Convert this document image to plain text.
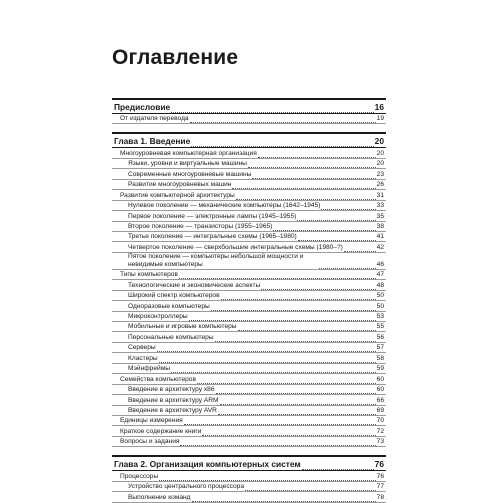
Оглавление
Предисловие	16
От издателя перевода	19
Глава 1. Введение	20
Многоуровневая компьютерная организация	20
Языки, уровни и виртуальные машины	20
Современные многоуровневые машины	23
Развитие многоуровневых машин	26
Развитие компьютерной архитектуры	31
Нулевое поколение — механические компьютеры (1642–1945)	33
Первое поколение — электронные лампы (1945–1955)	35
Второе поколение — транзисторы (1955–1965)	38
Третье поколение — интегральные схемы (1965–1980)	41
Четвертое поколение — сверхбольшие интегральные схемы (1980–?)	42
Пятое поколение — компьютеры небольшой мощности и невидимые компьютеры	46
Типы компьютеров	47
Технологические и экономические аспекты	48
Широкий спектр компьютеров	50
Одноразовые компьютеры	50
Микроконтроллеры	53
Мобильные и игровые компьютеры	55
Персональные компьютеры	56
Серверы	57
Кластеры	58
Мэйнфреймы	59
Семейства компьютеров	60
Введение в архитектуру x86	60
Введение в архитектуру ARM	66
Введение в архитектуру AVR	69
Единицы измерения	70
Краткое содержание книги	72
Вопросы и задания	73
Глава 2. Организация компьютерных систем	76
Процессоры	76
Устройство центрального процессора	77
Выполнение команд	78
